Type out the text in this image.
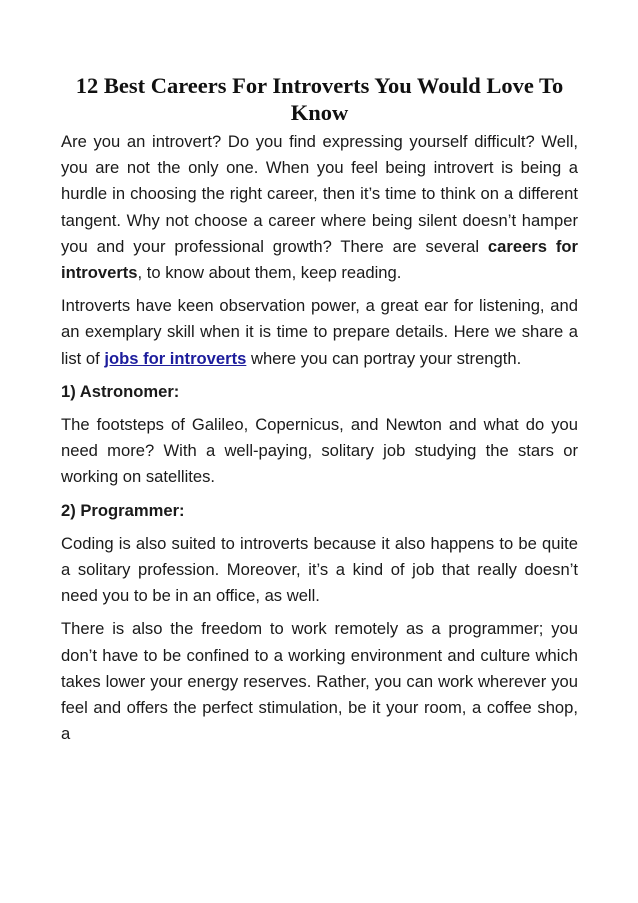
12 Best Careers For Introverts You Would Love To Know

Are you an introvert? Do you find expressing yourself difficult? Well, you are not the only one. When you feel being introvert is being a hurdle in choosing the right career, then it’s time to think on a different tangent. Why not choose a career where being silent doesn’t hamper you and your professional growth? There are several careers for introverts, to know about them, keep reading.

Introverts have keen observation power, a great ear for listening, and an exemplary skill when it is time to prepare details. Here we share a list of jobs for introverts where you can portray your strength.

1) Astronomer:

The footsteps of Galileo, Copernicus, and Newton and what do you need more? With a well-paying, solitary job studying the stars or working on satellites.

2) Programmer:

Coding is also suited to introverts because it also happens to be quite a solitary profession. Moreover, it’s a kind of job that really doesn’t need you to be in an office, as well.

There is also the freedom to work remotely as a programmer; you don’t have to be confined to a working environment and culture which takes lower your energy reserves. Rather, you can work wherever you feel and offers the perfect stimulation, be it your room, a coffee shop, a
